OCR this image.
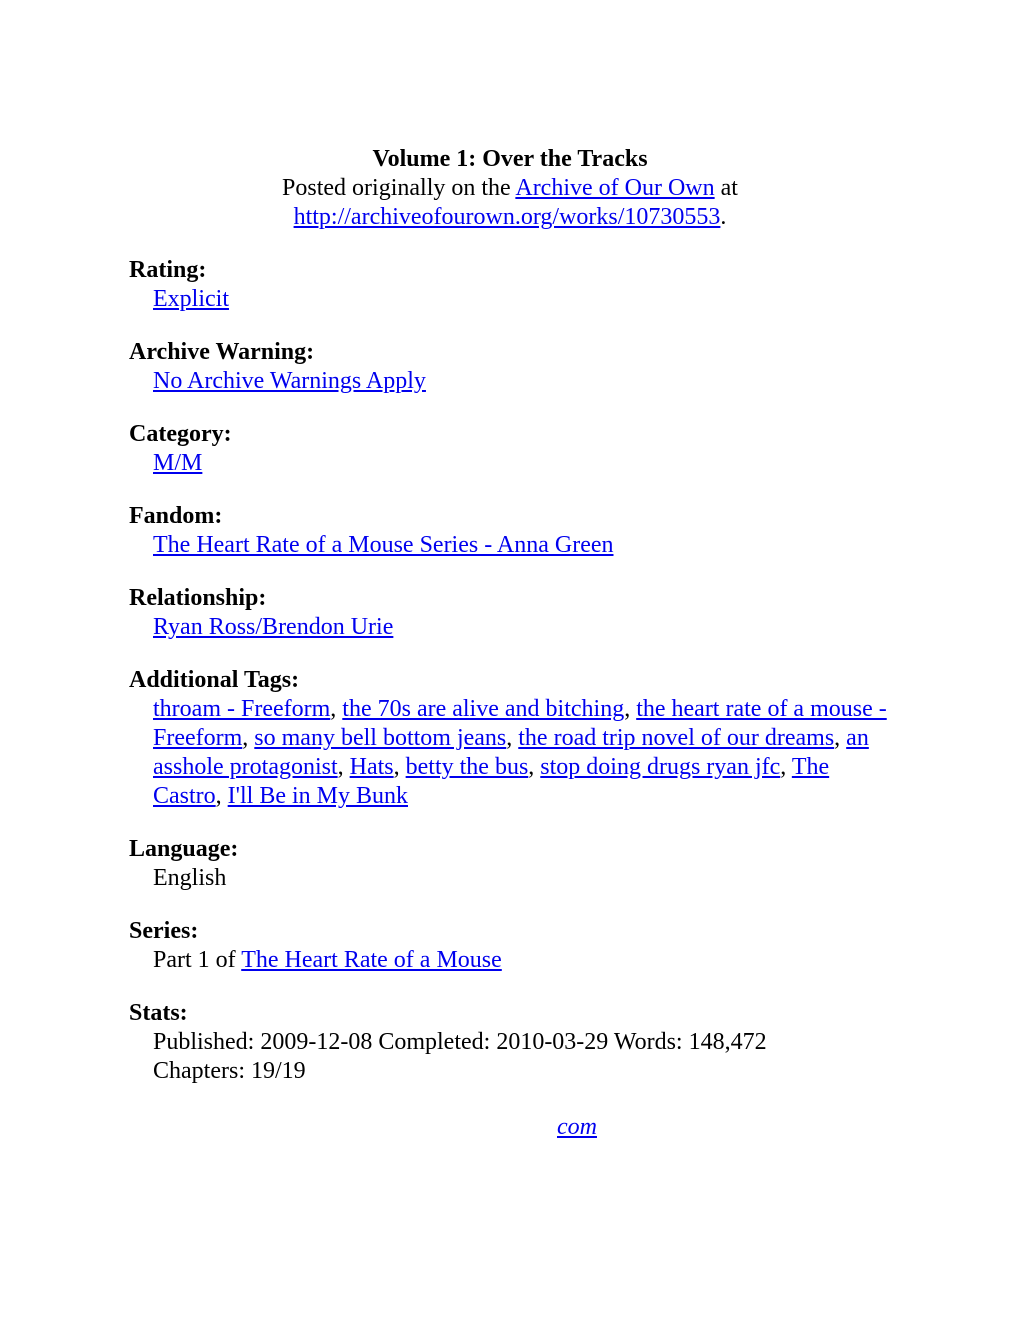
Volume 1: Over the Tracks
Posted originally on the Archive of Our Own at
http://archiveofourown.org/works/10730553.
Rating:
Explicit
Archive Warning:
No Archive Warnings Apply
Category:
M/M
Fandom:
The Heart Rate of a Mouse Series - Anna Green
Relationship:
Ryan Ross/Brendon Urie
Additional Tags:
throam - Freeform, the 70s are alive and bitching, the heart rate of a mouse - Freeform, so many bell bottom jeans, the road trip novel of our dreams, an asshole protagonist, Hats, betty the bus, stop doing drugs ryan jfc, The Castro, I'll Be in My Bunk
Language:
English
Series:
Part 1 of The Heart Rate of a Mouse
Stats:
Published: 2009-12-08 Completed: 2010-03-29 Words: 148,472
Chapters: 19/19
com
